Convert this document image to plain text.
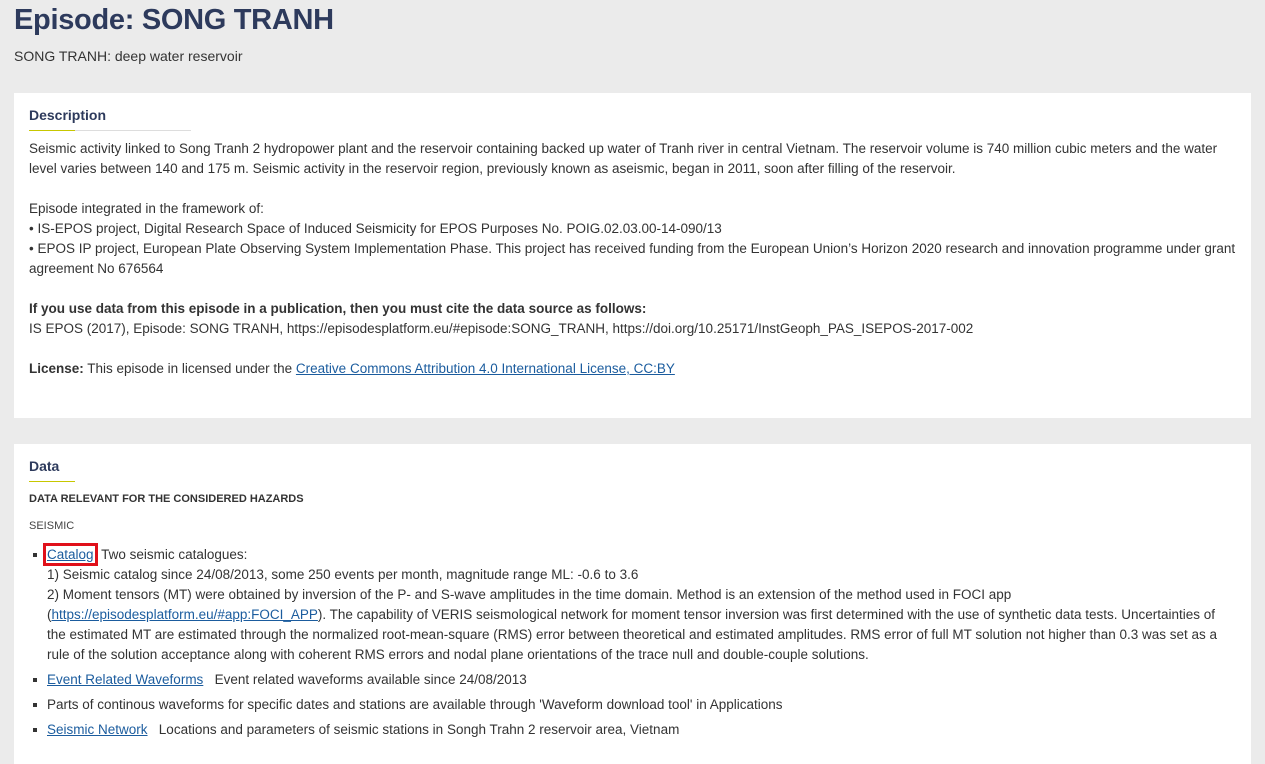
Episode: SONG TRANH
SONG TRANH: deep water reservoir
Description
Seismic activity linked to Song Tranh 2 hydropower plant and the reservoir containing backed up water of Tranh river in central Vietnam. The reservoir volume is 740 million cubic meters and the water level varies between 140 and 175 m. Seismic activity in the reservoir region, previously known as aseismic, began in 2011, soon after filling of the reservoir.
Episode integrated in the framework of:
• IS-EPOS project, Digital Research Space of Induced Seismicity for EPOS Purposes No. POIG.02.03.00-14-090/13
• EPOS IP project, European Plate Observing System Implementation Phase. This project has received funding from the European Union’s Horizon 2020 research and innovation programme under grant agreement No 676564
If you use data from this episode in a publication, then you must cite the data source as follows:
IS EPOS (2017), Episode: SONG TRANH, https://episodesplatform.eu/#episode:SONG_TRANH, https://doi.org/10.25171/InstGeoph_PAS_ISEPOS-2017-002
License: This episode in licensed under the Creative Commons Attribution 4.0 International License, CC:BY
Data
DATA RELEVANT FOR THE CONSIDERED HAZARDS
SEISMIC
Catalog Two seismic catalogues:
1) Seismic catalog since 24/08/2013, some 250 events per month, magnitude range ML: -0.6 to 3.6
2) Moment tensors (MT) were obtained by inversion of the P- and S-wave amplitudes in the time domain. Method is an extension of the method used in FOCI app
(https://episodesplatform.eu/#app:FOCI_APP). The capability of VERIS seismological network for moment tensor inversion was first determined with the use of synthetic data tests. Uncertainties of the estimated MT are estimated through the normalized root-mean-square (RMS) error between theoretical and estimated amplitudes. RMS error of full MT solution not higher than 0.3 was set as a rule of the solution acceptance along with coherent RMS errors and nodal plane orientations of the trace null and double-couple solutions.
Event Related Waveforms Event related waveforms available since 24/08/2013
Parts of continous waveforms for specific dates and stations are available through 'Waveform download tool' in Applications
Seismic Network Locations and parameters of seismic stations in Songh Trahn 2 reservoir area, Vietnam
